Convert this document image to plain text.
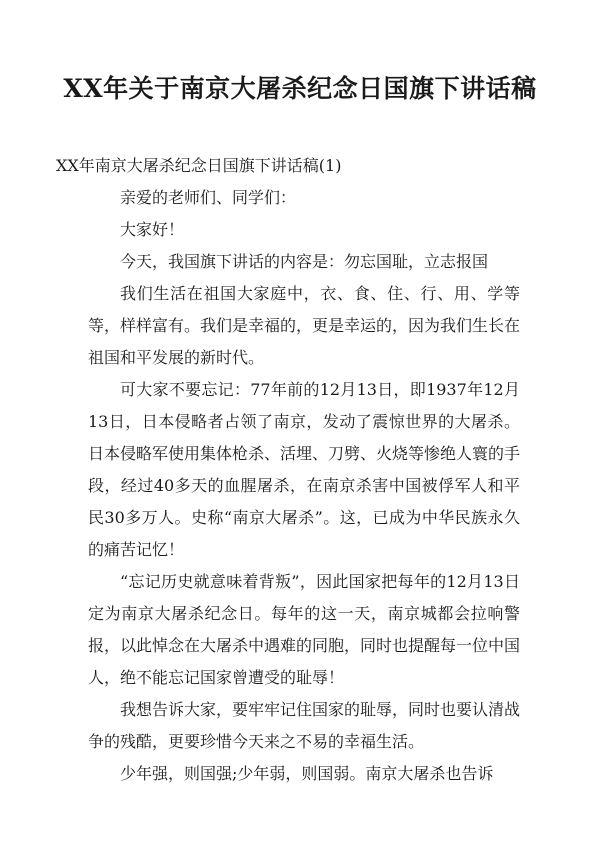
XX年关于南京大屠杀纪念日国旗下讲话稿

XX年南京大屠杀纪念日国旗下讲话稿(1)

亲爱的老师们、同学们：

大家好！

今天，我国旗下讲话的内容是：勿忘国耻，立志报国

我们生活在祖国大家庭中，衣、食、住、行、用、学等等，样样富有。我们是幸福的，更是幸运的，因为我们生长在祖国和平发展的新时代。

可大家不要忘记：77年前的12月13日，即1937年12月13日，日本侵略者占领了南京，发动了震惊世界的大屠杀。日本侵略军使用集体枪杀、活埋、刀劈、火烧等惨绝人寰的手段，经过40多天的血腥屠杀，在南京杀害中国被俘军人和平民30多万人。史称“南京大屠杀”。这，已成为中华民族永久的痛苦记忆！

“忘记历史就意味着背叛”，因此国家把每年的12月13日定为南京大屠杀纪念日。每年的这一天，南京城都会拉响警报，以此悼念在大屠杀中遇难的同胞，同时也提醒每一位中国人，绝不能忘记国家曾遭受的耻辱！

我想告诉大家，要牢牢记住国家的耻辱，同时也要认清战争的残酷，更要珍惜今天来之不易的幸福生活。

少年强，则国强;少年弱，则国弱。南京大屠杀也告诉
